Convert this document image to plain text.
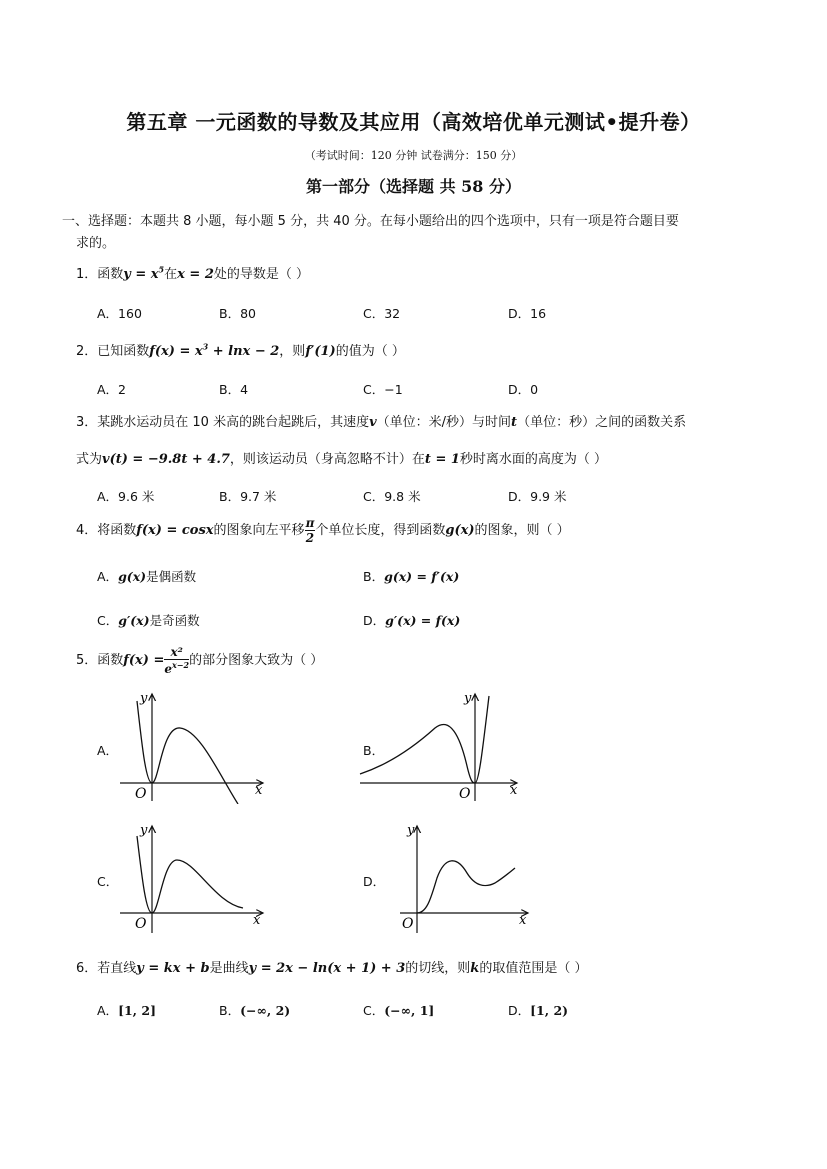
第五章 一元函数的导数及其应用（高效培优单元测试•提升卷）
（考试时间：120 分钟 试卷满分：150 分）
第一部分（选择题 共 58 分）
一、选择题：本题共 8 小题，每小题 5 分，共 40 分。在每小题给出的四个选项中，只有一项是符合题目要
求的。
1．函数$y = x^5$在x = 2处的导数是（ ）
A．160	B．80	C．32	D．16
2．已知函数$f(x) = x^3 + \ln x - 2$，则f′(1)的值为（ ）
A．2	B．4	C．−1	D．0
3．某跳水运动员在 10 米高的跳台起跳后，其速度v（单位：米/秒）与时间t（单位：秒）之间的函数关系
式为v(t) = −9.8t + 4.7，则该运动员（身高忽略不计）在t = 1秒时离水面的高度为（ ）
A．9.6 米	B．9.7 米	C．9.8 米	D．9.9 米
4．将函数f(x) = cosx的图象向左平移 $\frac{\pi}{2}$ 个单位长度，得到函数g(x)的图象，则（ ）
A．g(x)是偶函数	B．g(x) = f′(x)
C．g′(x)是奇函数	D．g′(x) = f(x)
5．函数$f(x) = \frac{\text{x²}}{e^{x-2}}$ 的部分图象大致为（ ）
A．	B．
C．	D．
y
x
O
y
x
O
y
x
O
y
x
O
6．若直线y = kx + b是曲线y = 2x − ln(x + 1) + 3的切线，则k的取值范围是（ ）
A．[1, 2]	B．(−∞, 2)	C．(−∞, 1]	D．[1, 2)
